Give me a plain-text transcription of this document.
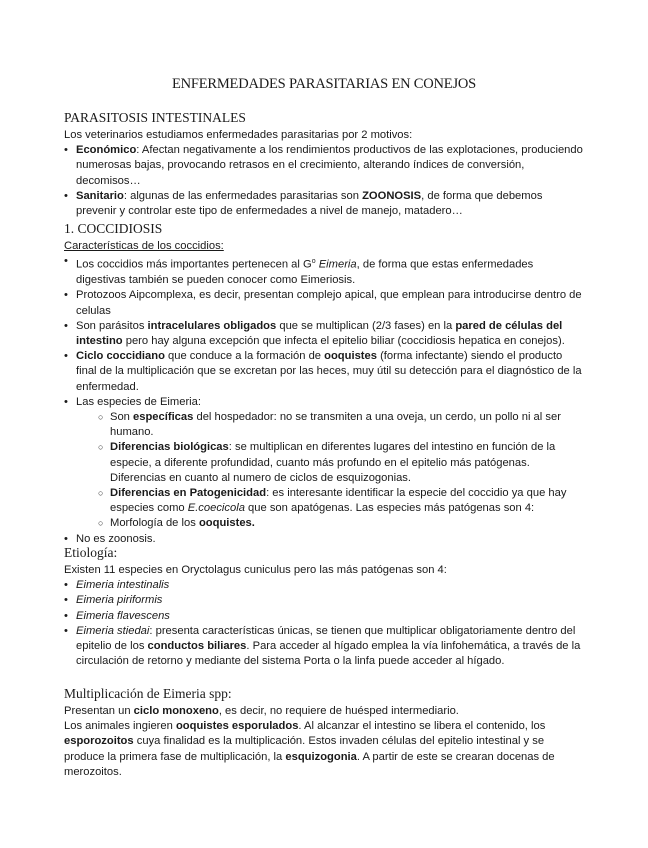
ENFERMEDADES PARASITARIAS EN CONEJOS
PARASITOSIS INTESTINALES

Los veterinarios estudiamos enfermedades parasitarias por 2 motivos:

• Económico: Afectan negativamente a los rendimientos productivos de las explotaciones, produciendo numerosas bajas, provocando retrasos en el crecimiento, alterando índices de conversión, decomisos…
• Sanitario: algunas de las enfermedades parasitarias son ZOONOSIS, de forma que debemos prevenir y controlar este tipo de enfermedades a nivel de manejo, matadero…
1. COCCIDIOSIS

Características de los coccidios:

• Los coccidios más importantes pertenecen al $G^o$ Eimeria, de forma que estas enfermedades digestivas también se pueden conocer como Eimeriosis.
• Protozoos Aipcomplexa, es decir, presentan complejo apical, que emplean para introducirse dentro de celulas
• Son parásitos intracelulares obligados que se multiplican (2/3 fases) en la pared de células del intestino pero hay alguna excepción que infecta el epitelio biliar (coccidiosis hepatica en conejos).
• Ciclo coccidiano que conduce a la formación de ooquistes (forma infectante) siendo el producto final de la multiplicación que se excretan por las heces, muy útil su detección para el diagnóstico de la enfermedad.
• Las especies de Eimeria:
○ Son específicas del hospedador: no se transmiten a una oveja, un cerdo, un pollo ni al ser humano.
○ Diferencias biológicas: se multiplican en diferentes lugares del intestino en función de la especie, a diferente profundidad, cuanto más profundo en el epitelio más patógenas. Diferencias en cuanto al numero de ciclos de esquizogonias.
○ Diferencias en Patogenicidad: es interesante identificar la especie del coccidio ya que hay especies como E.coecicola que son apatógenas. Las especies más patógenas son 4:
○ Morfología de los ooquistes.
• No es zoonosis.
Etiología:

Existen 11 especies en Oryctolagus cuniculus pero las más patógenas son 4:

• Eimeria intestinalis
• Eimeria piriformis
• Eimeria flavescens
• Eimeria stiedai: presenta características únicas, se tienen que multiplicar obligatoriamente dentro del epitelio de los conductos biliares. Para acceder al hígado emplea la vía linfohemática, a través de la circulación de retorno y mediante del sistema Porta o la linfa puede acceder al hígado.
Multiplicación de Eimeria spp:

Presentan un ciclo monoxeno, es decir, no requiere de huésped intermediario.

Los animales ingieren ooquistes esporulados. Al alcanzar el intestino se libera el contenido, los esporozoitos cuya finalidad es la multiplicación. Estos invaden células del epitelio intestinal y se produce la primera fase de multiplicación, la esquizogonia. A partir de este se crearan docenas de merozoitos.
